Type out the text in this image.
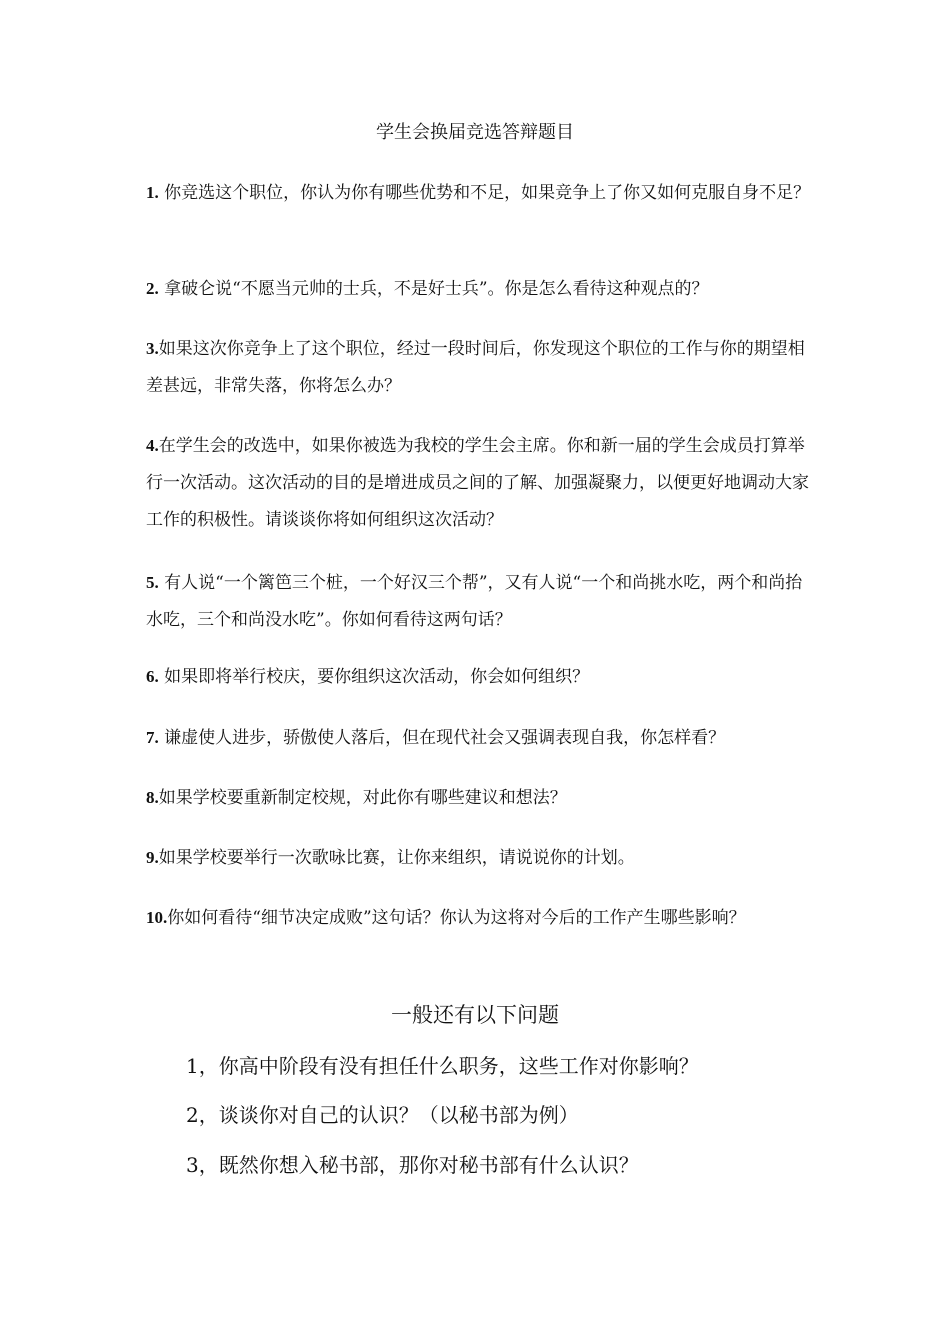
学生会换届竞选答辩题目
1. 你竞选这个职位，你认为你有哪些优势和不足，如果竞争上了你又如何克服自身不足？
2. 拿破仑说“不愿当元帅的士兵，不是好士兵”。你是怎么看待这种观点的？
3.如果这次你竞争上了这个职位，经过一段时间后，你发现这个职位的工作与你的期望相差甚远，非常失落，你将怎么办？
4.在学生会的改选中，如果你被选为我校的学生会主席。你和新一届的学生会成员打算举行一次活动。这次活动的目的是增进成员之间的了解、加强凝聚力，以便更好地调动大家工作的积极性。请谈谈你将如何组织这次活动？
5. 有人说“一个篱笆三个桩，一个好汉三个帮”，又有人说“一个和尚挑水吃，两个和尚抬水吃，三个和尚没水吃”。你如何看待这两句话？
6. 如果即将举行校庆，要你组织这次活动，你会如何组织？
7. 谦虚使人进步，骄傲使人落后，但在现代社会又强调表现自我，你怎样看？
8.如果学校要重新制定校规，对此你有哪些建议和想法？
9.如果学校要举行一次歌咏比赛，让你来组织，请说说你的计划。
10.你如何看待“细节决定成败”这句话？你认为这将对今后的工作产生哪些影响？
一般还有以下问题
1，你高中阶段有没有担任什么职务，这些工作对你影响？
2，谈谈你对自己的认识？（以秘书部为例）
3，既然你想入秘书部，那你对秘书部有什么认识？
